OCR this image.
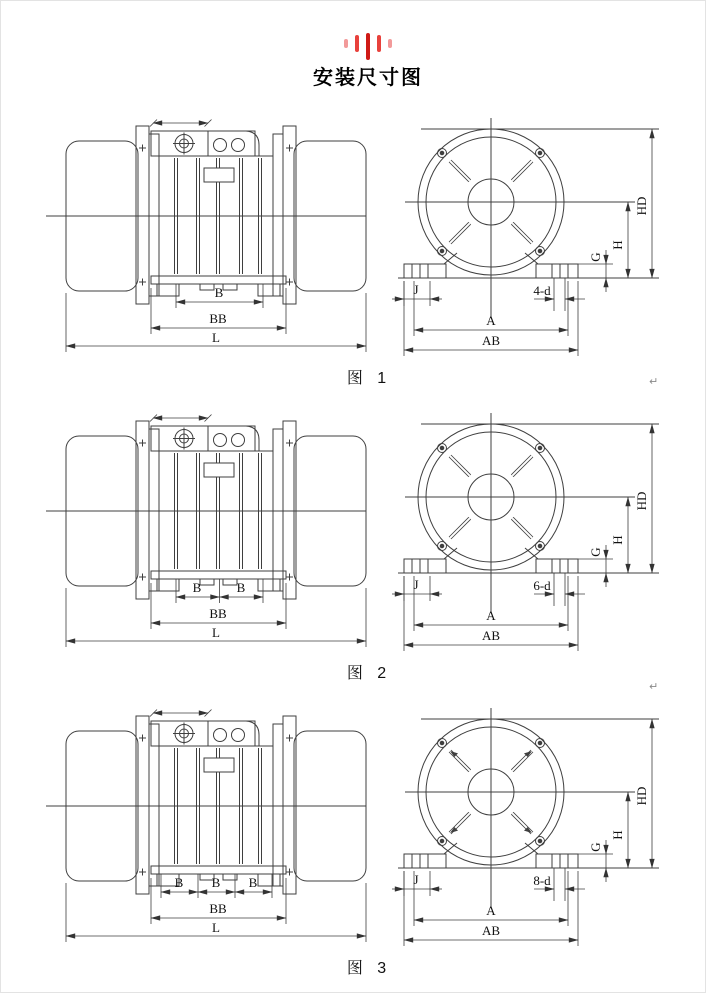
安装尺寸图
B
BB
L
J	4-d
A
AB
G
H
HD
图 1
B	B
BB
L
J	6-d
A
AB
G
H
HD
图 2
B B B
BB
L
J	8-d
A
AB
G
H
HD
图 3
↵
↵
